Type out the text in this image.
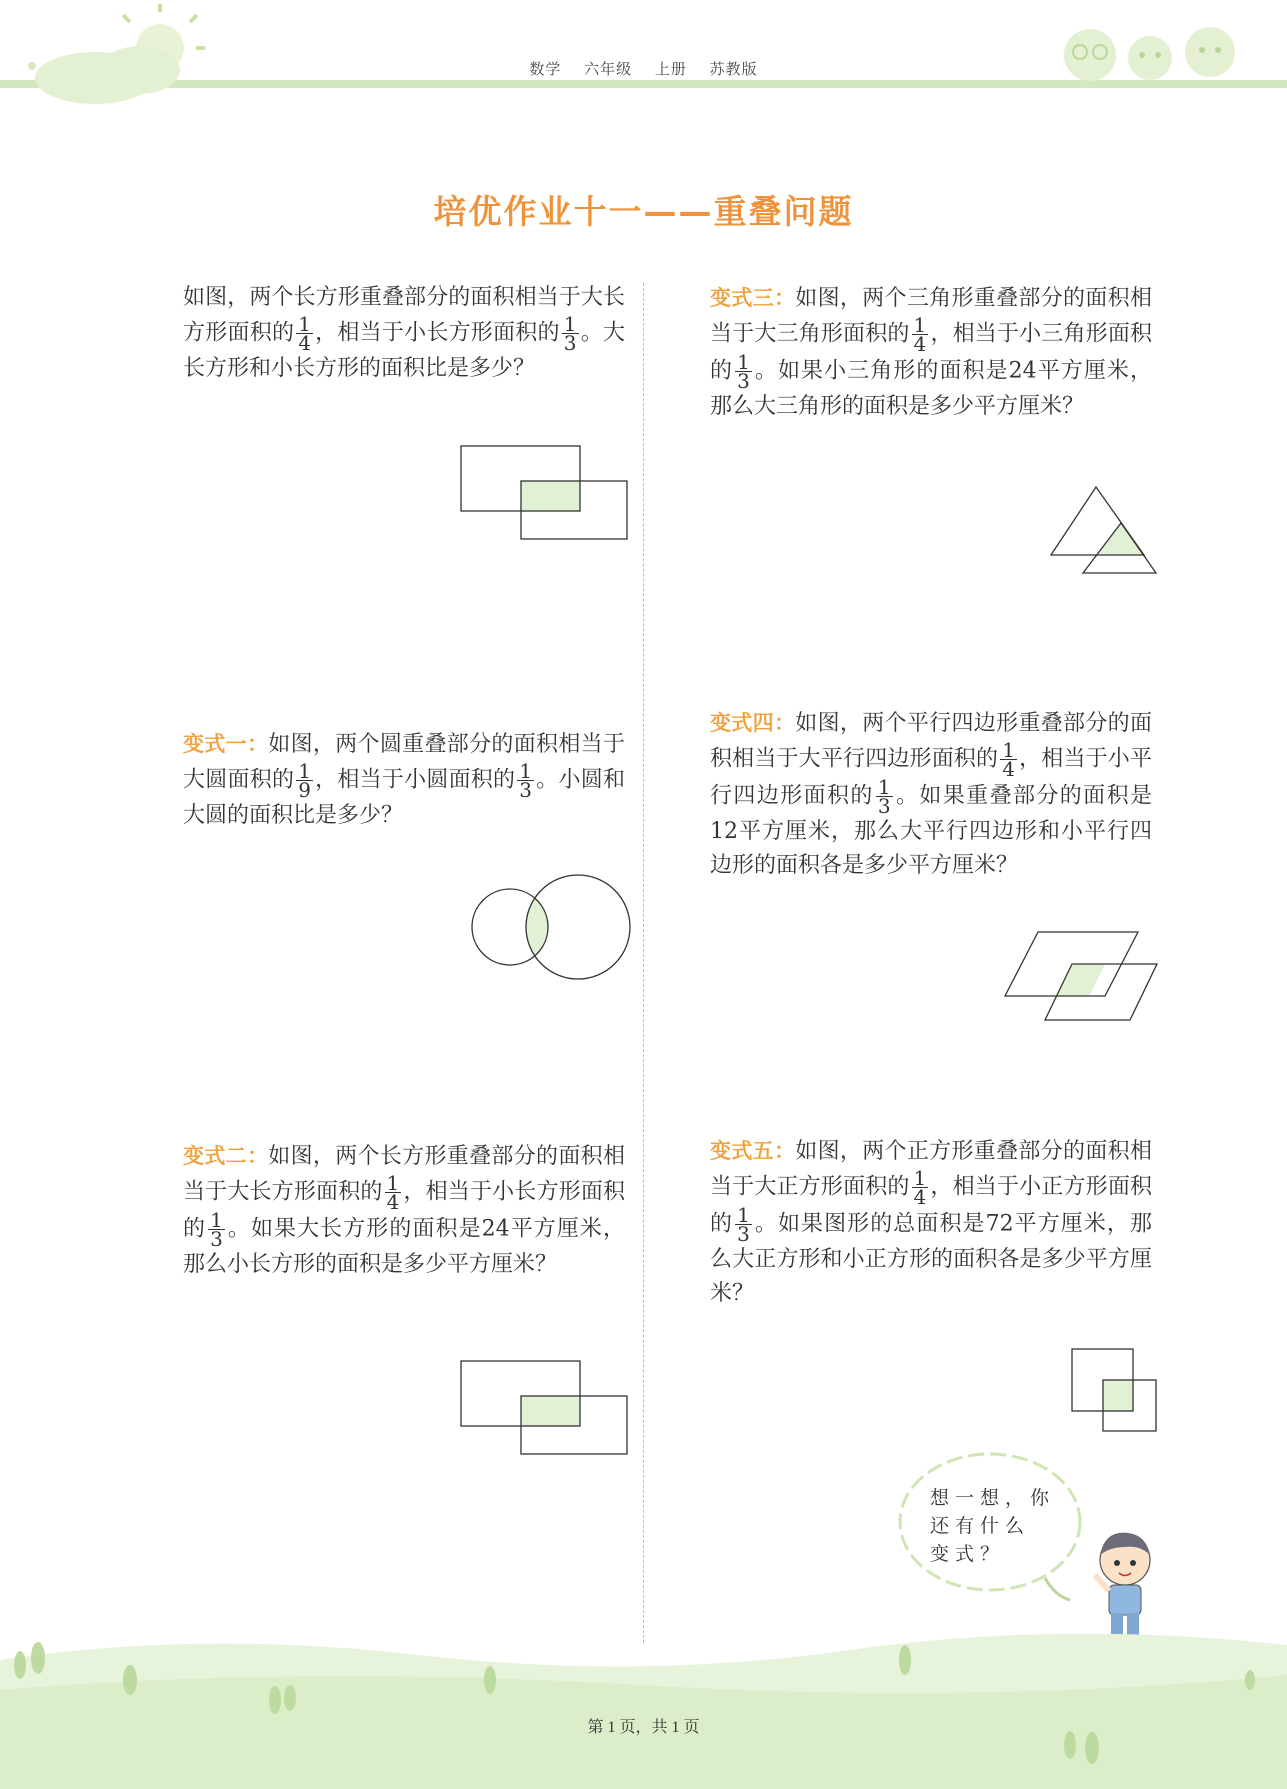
数学 六年级 上册 苏教版
培优作业十一——重叠问题
如图，两个长方形重叠部分的面积相当于大长方形面积的 $\frac{1}{4}$ ，相当于小长方形面积的 $\frac{1}{3}$ 。大长方形和小长方形的面积比是多少？
变式一：如图，两个圆重叠部分的面积相当于大圆面积的 $\frac{1}{9}$ ，相当于小圆面积的 $\frac{1}{3}$ 。小圆和大圆的面积比是多少？
变式二：如图，两个长方形重叠部分的面积相当于大长方形面积的 $\frac{1}{4}$ ，相当于小长方形面积的 $\frac{1}{3}$ 。如果大长方形的面积是24平方厘米，那么小长方形的面积是多少平方厘米？
变式三：如图，两个三角形重叠部分的面积相当于大三角形面积的 $\frac{1}{4}$ ，相当于小三角形面积的 $\frac{1}{3}$ 。如果小三角形的面积是24平方厘米，那么大三角形的面积是多少平方厘米？
变式四：如图，两个平行四边形重叠部分的面积相当于大平行四边形面积的 $\frac{1}{4}$ ，相当于小平行四边形面积的 $\frac{1}{3}$ 。如果重叠部分的面积是12平方厘米，那么大平行四边形和小平行四边形的面积各是多少平方厘米？
变式五：如图，两个正方形重叠部分的面积相当于大正方形面积的 $\frac{1}{4}$ ，相当于小正方形面积的 $\frac{1}{3}$ 。如果图形的总面积是72平方厘米，那么大正方形和小正方形的面积各是多少平方厘米？
想一想，你
还有什么
变式？
第 1 页，共 1 页
